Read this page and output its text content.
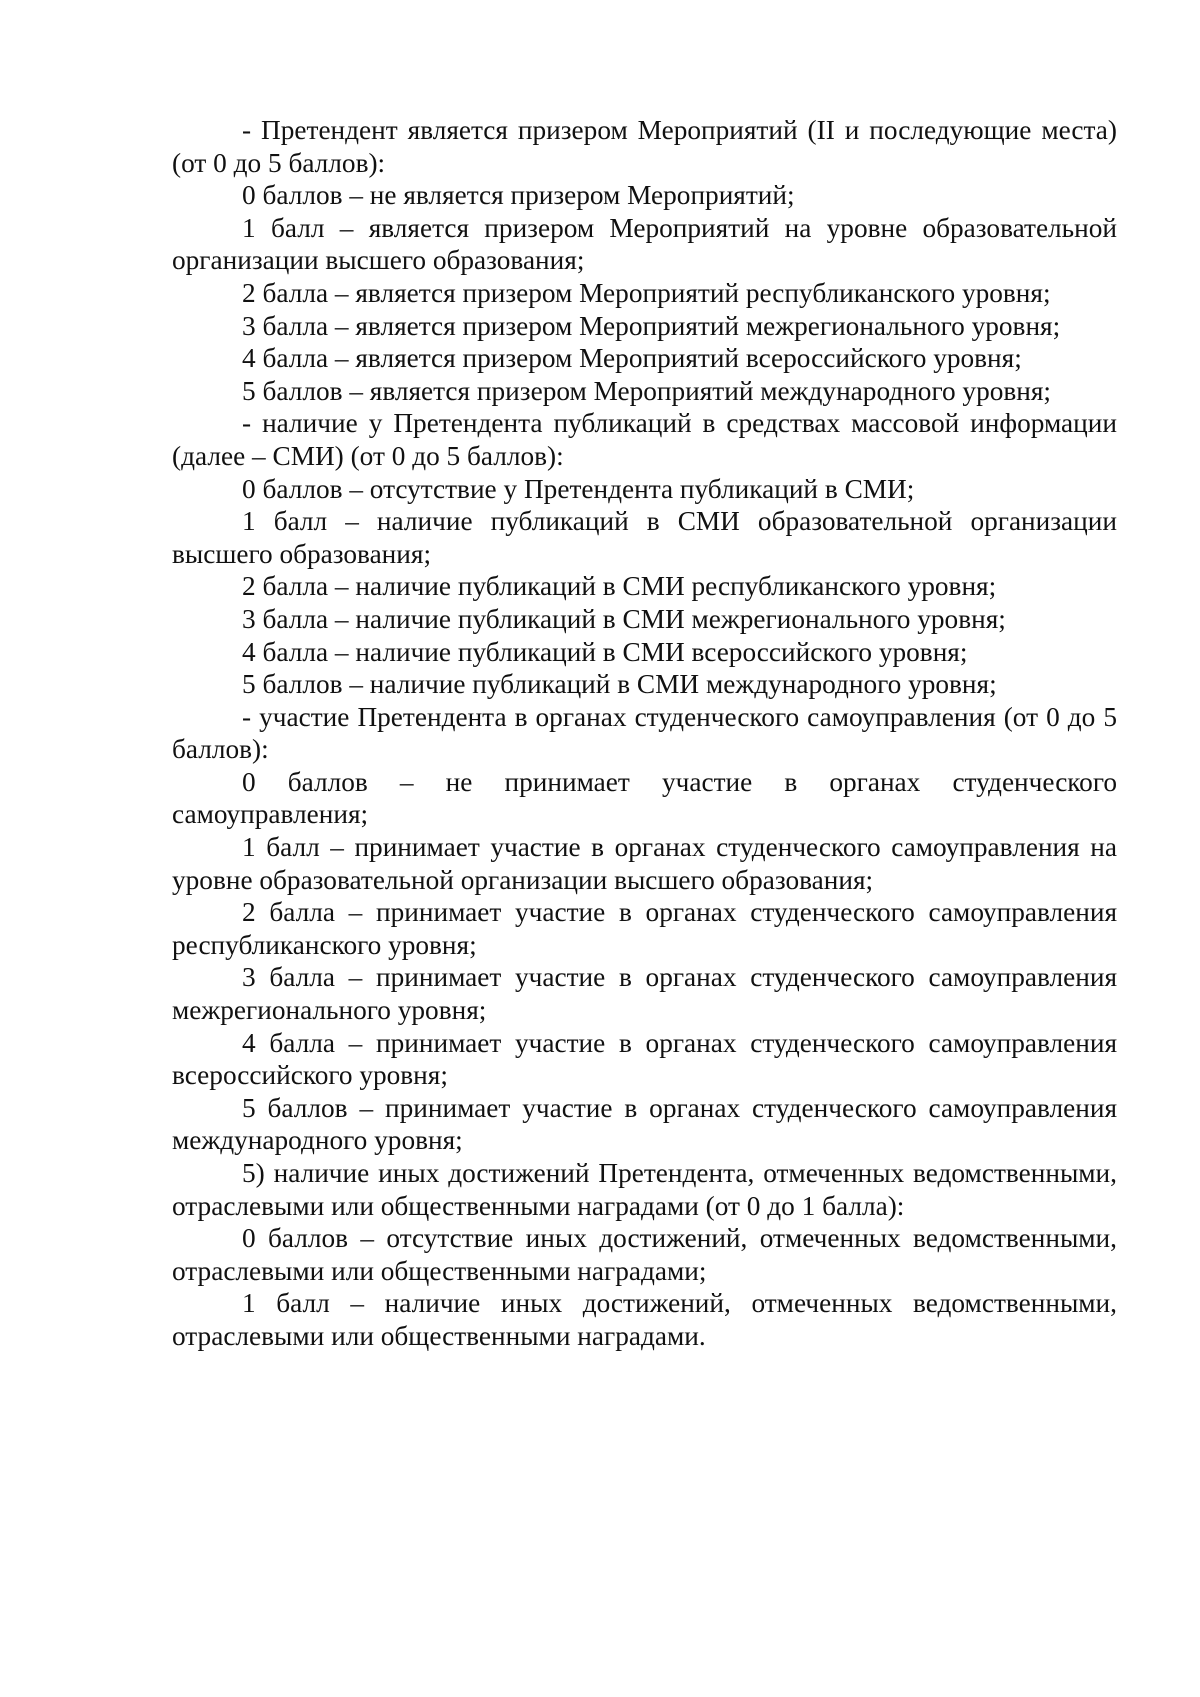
- Претендент является призером Мероприятий (II и последующие места) (от 0 до 5 баллов):

0 баллов – не является призером Мероприятий;

1 балл – является призером Мероприятий на уровне образовательной организации высшего образования;

2 балла – является призером Мероприятий республиканского уровня;

3 балла – является призером Мероприятий межрегионального уровня;

4 балла – является призером Мероприятий всероссийского уровня;

5 баллов – является призером Мероприятий международного уровня;

- наличие у Претендента публикаций в средствах массовой информации (далее – СМИ) (от 0 до 5 баллов):

0 баллов – отсутствие у Претендента публикаций в СМИ;

1 балл – наличие публикаций в СМИ образовательной организации высшего образования;

2 балла – наличие публикаций в СМИ республиканского уровня;

3 балла – наличие публикаций в СМИ межрегионального уровня;

4 балла – наличие публикаций в СМИ всероссийского уровня;

5 баллов – наличие публикаций в СМИ международного уровня;

- участие Претендента в органах студенческого самоуправления (от 0 до 5 баллов):

0 баллов – не принимает участие в органах студенческого самоуправления;

1 балл – принимает участие в органах студенческого самоуправления на уровне образовательной организации высшего образования;

2 балла – принимает участие в органах студенческого самоуправления республиканского уровня;

3 балла – принимает участие в органах студенческого самоуправления межрегионального уровня;

4 балла – принимает участие в органах студенческого самоуправления всероссийского уровня;

5 баллов – принимает участие в органах студенческого самоуправления международного уровня;

5) наличие иных достижений Претендента, отмеченных ведомственными, отраслевыми или общественными наградами (от 0 до 1 балла):

0 баллов – отсутствие иных достижений, отмеченных ведомственными, отраслевыми или общественными наградами;

1 балл – наличие иных достижений, отмеченных ведомственными, отраслевыми или общественными наградами.
